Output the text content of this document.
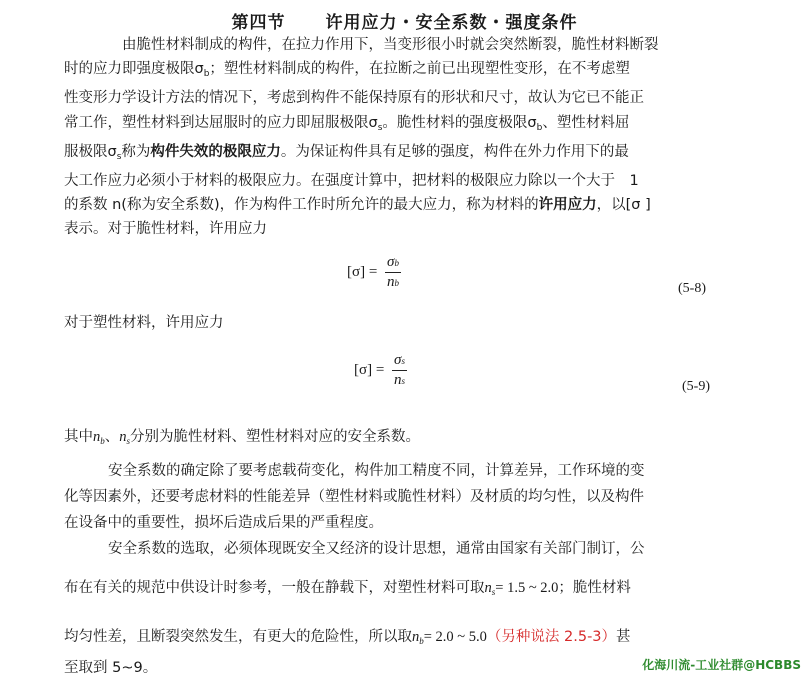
第四节 许用应力・安全系数・强度条件
由脆性材料制成的构件，在拉力作用下，当变形很小时就会突然断裂，脆性材料断裂
时的应力即强度极限$\sigma_b$；塑性材料制成的构件，在拉断之前已出现塑性变形，在不考虑塑
性变形力学设计方法的情况下，考虑到构件不能保持原有的形状和尺寸，故认为它已不能正
常工作，塑性材料到达屈服时的应力即屈服极限$\sigma_s$。脆性材料的强度极限$\sigma_b$、塑性材料屈
服极限$\sigma_s$称为构件失效的极限应力。为保证构件具有足够的强度，构件在外力作用下的最
大工作应力必须小于材料的极限应力。在强度计算中，把材料的极限应力除以一个大于　1
的系数 n(称为安全系数)，作为构件工作时所允许的最大应力，称为材料的许用应力，以[σ ]
表示。对于脆性材料，许用应力
$[\sigma] = \frac{\sigma b}{nb}$	(5-8)
对于塑性材料，许用应力
$[\sigma] = \frac{\sigma s}{ns}$	(5-9)
其中$n_b$、$n_s$分别为脆性材料、塑性材料对应的安全系数。
安全系数的确定除了要考虑载荷变化，构件加工精度不同，计算差异，工作环境的变
化等因素外，还要考虑材料的性能差异（塑性材料或脆性材料）及材质的均匀性，以及构件
在设备中的重要性，损坏后造成后果的严重程度。
安全系数的选取，必须体现既安全又经济的设计思想，通常由国家有关部门制订，公
布在有关的规范中供设计时参考，一般在静载下，对塑性材料可取$n_s= 1.5$ ~ 2.0；脆性材料
均匀性差，且断裂突然发生，有更大的危险性，所以取$n_b= 2.0$ ~ 5.0（另种说法 2.5-3）甚
至取到 5~9。	化海川流-工业社群@HCBBS
